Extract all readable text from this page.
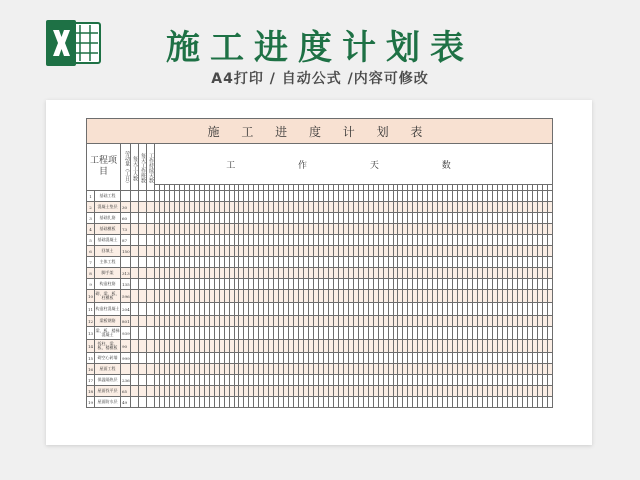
施工进度计划表
A4打印 / 自动公式 /内容可修改
施 工 进 度 计 划 表
工程项目	劳动量（工日）	每天工人数	每天工作班数	工作持续天数	工 作 天 数

1	基础工程																																																																																				
2	混凝土垫层	30																																																																																			
3	基础扎筋	60																																																																																			
4	基础模板	73																																																																																			
5	基础混凝土	87																																																																																			
6	回填土	150																																																																																			
7	主体工程																																																																																				
8	脚手架	313																																																																																			
9	构造柱筋	135																																																																																			
10	砌、梁、板、柱模板	596																																																																																			
11	构造柱混凝土	204																																																																																			
12	梁板钢筋	801																																																																																			
13	梁、板、楼梯混凝土	939																																																																																			
14	拆柱、梁、板、楼模板	90																																																																																			
15	砌空心砖墙	999																																																																																			
16	屋面工程																																																																																				
17	保温隔热层	236																																																																																			
18	屋面找平层	65																																																																																			
19	屋面防水层	49																																																																																			
